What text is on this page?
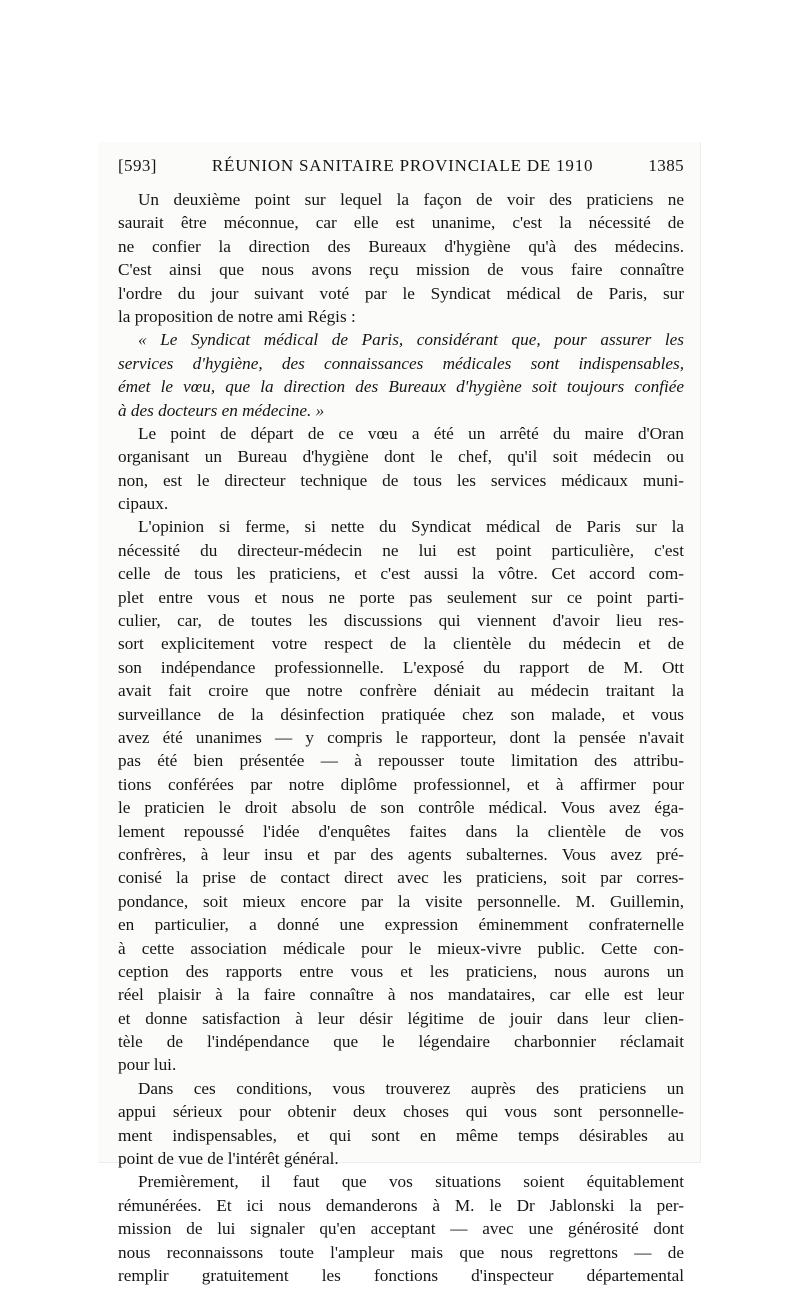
[593]	RÉUNION SANITAIRE PROVINCIALE DE 1910	1385
Un deuxième point sur lequel la façon de voir des praticiens ne
saurait être méconnue, car elle est unanime, c'est la nécessité de
ne confier la direction des Bureaux d'hygiène qu'à des médecins.
C'est ainsi que nous avons reçu mission de vous faire connaître
l'ordre du jour suivant voté par le Syndicat médical de Paris, sur
la proposition de notre ami Régis :
« Le Syndicat médical de Paris, considérant que, pour assurer les
services d'hygiène, des connaissances médicales sont indispensables,
émet le vœu, que la direction des Bureaux d'hygiène soit toujours confiée
à des docteurs en médecine. »
Le point de départ de ce vœu a été un arrêté du maire d'Oran
organisant un Bureau d'hygiène dont le chef, qu'il soit médecin ou
non, est le directeur technique de tous les services médicaux muni-
cipaux.
L'opinion si ferme, si nette du Syndicat médical de Paris sur la
nécessité du directeur-médecin ne lui est point particulière, c'est
celle de tous les praticiens, et c'est aussi la vôtre. Cet accord com-
plet entre vous et nous ne porte pas seulement sur ce point parti-
culier, car, de toutes les discussions qui viennent d'avoir lieu res-
sort explicitement votre respect de la clientèle du médecin et de
son indépendance professionnelle. L'exposé du rapport de M. Ott
avait fait croire que notre confrère déniait au médecin traitant la
surveillance de la désinfection pratiquée chez son malade, et vous
avez été unanimes — y compris le rapporteur, dont la pensée n'avait
pas été bien présentée — à repousser toute limitation des attribu-
tions conférées par notre diplôme professionnel, et à affirmer pour
le praticien le droit absolu de son contrôle médical. Vous avez éga-
lement repoussé l'idée d'enquêtes faites dans la clientèle de vos
confrères, à leur insu et par des agents subalternes. Vous avez pré-
conisé la prise de contact direct avec les praticiens, soit par corres-
pondance, soit mieux encore par la visite personnelle. M. Guillemin,
en particulier, a donné une expression éminemment confraternelle
à cette association médicale pour le mieux-vivre public. Cette con-
ception des rapports entre vous et les praticiens, nous aurons un
réel plaisir à la faire connaître à nos mandataires, car elle est leur
et donne satisfaction à leur désir légitime de jouir dans leur clien-
tèle de l'indépendance que le légendaire charbonnier réclamait
pour lui.
Dans ces conditions, vous trouverez auprès des praticiens un
appui sérieux pour obtenir deux choses qui vous sont personnelle-
ment indispensables, et qui sont en même temps désirables au
point de vue de l'intérêt général.
Premièrement, il faut que vos situations soient équitablement
rémunérées. Et ici nous demanderons à M. le Dr Jablonski la per-
mission de lui signaler qu'en acceptant — avec une générosité dont
nous reconnaissons toute l'ampleur mais que nous regrettons — de
remplir gratuitement les fonctions d'inspecteur départemental
